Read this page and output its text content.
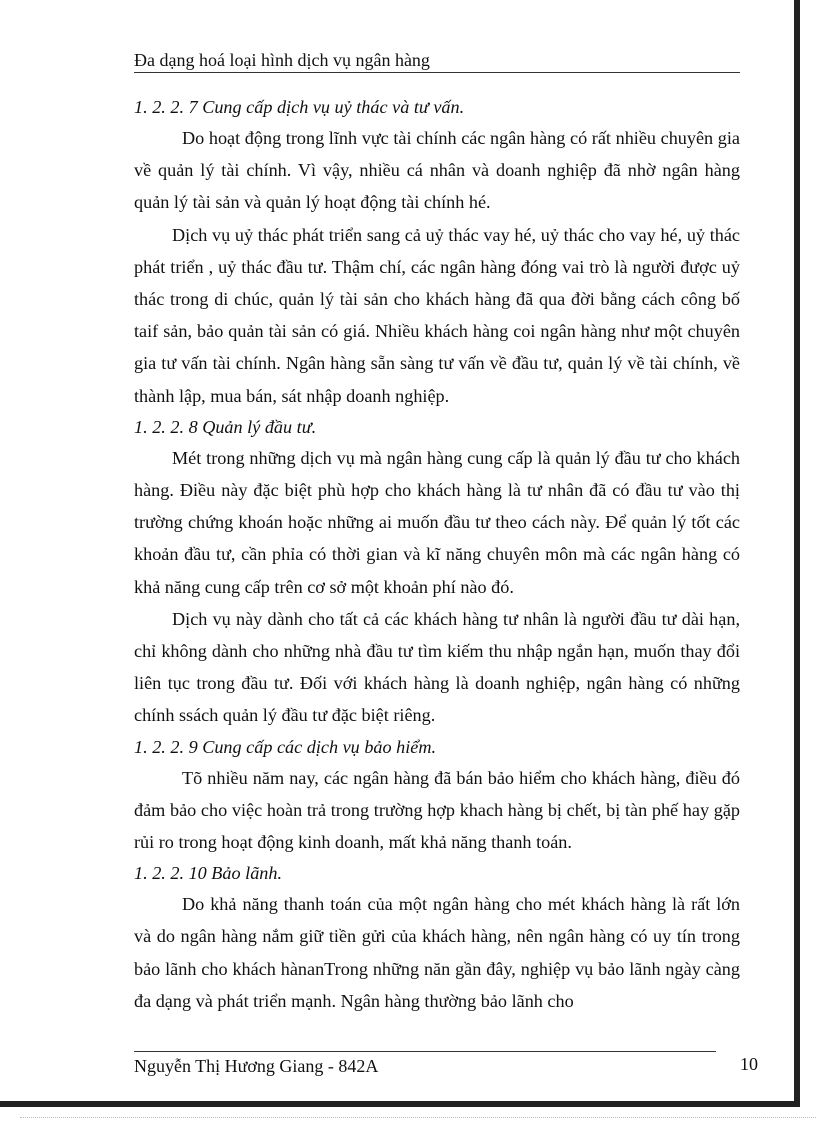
Đa dạng hoá loại hình dịch vụ ngân hàng

1. 2. 2. 7 Cung cấp dịch vụ uỷ thác và tư vấn.

Do hoạt động trong lĩnh vực tài chính các ngân hàng có rất nhiều chuyên gia về quản lý tài chính. Vì vậy, nhiều cá nhân và doanh nghiệp đã nhờ ngân hàng quản lý tài sản và quản lý hoạt động tài chính hé.

Dịch vụ uỷ thác phát triển sang cả uỷ thác vay hé, uỷ thác cho vay hé, uỷ thác phát triển , uỷ thác đầu tư. Thậm chí, các ngân hàng đóng vai trò là người được uỷ thác trong di chúc, quản lý tài sản cho khách hàng đã qua đời bằng cách công bố taif sản, bảo quản tài sản có giá. Nhiều khách hàng coi ngân hàng như một chuyên gia tư vấn tài chính. Ngân hàng sẵn sàng tư vấn về đầu tư, quản lý về tài chính, về thành lập, mua bán, sát nhập doanh nghiệp.

1. 2. 2. 8 Quản lý đầu tư.

Mét trong những dịch vụ mà ngân hàng cung cấp là quản lý đầu tư cho khách hàng. Điều này đặc biệt phù hợp cho khách hàng là tư nhân đã có đầu tư vào thị trường chứng khoán hoặc những ai muốn đầu tư theo cách này. Để quản lý tốt các khoản đầu tư, cần phỉa có thời gian và kĩ năng chuyên môn mà các ngân hàng có khả năng cung cấp trên cơ sở một khoản phí nào đó.

Dịch vụ này dành cho tất cả các khách hàng tư nhân là người đầu tư dài hạn, chỉ không dành cho những nhà đầu tư tìm kiếm thu nhập ngắn hạn, muốn thay đổi liên tục trong đầu tư. Đối với khách hàng là doanh nghiệp, ngân hàng có những chính ssách quản lý đầu tư đặc biệt riêng.

1. 2. 2. 9 Cung cấp các dịch vụ bảo hiểm.

Tõ nhiều năm nay, các ngân hàng đã bán bảo hiểm cho khách hàng, điều đó đảm bảo cho việc hoàn trả trong trường hợp khach hàng bị chết, bị tàn phế hay gặp rủi ro trong hoạt động kinh doanh, mất khả năng thanh toán.

1. 2. 2. 10 Bảo lãnh.

Do khả năng thanh toán của một ngân hàng cho mét khách hàng là rất lớn và do ngân hàng nắm giữ tiền gửi của khách hàng, nên ngân hàng có uy tín trong bảo lãnh cho khách hànanTrong những năn gần đây, nghiệp vụ bảo lãnh ngày càng đa dạng và phát triển mạnh. Ngân hàng thường bảo lãnh cho

Nguyễn Thị Hương Giang - 842A	10
